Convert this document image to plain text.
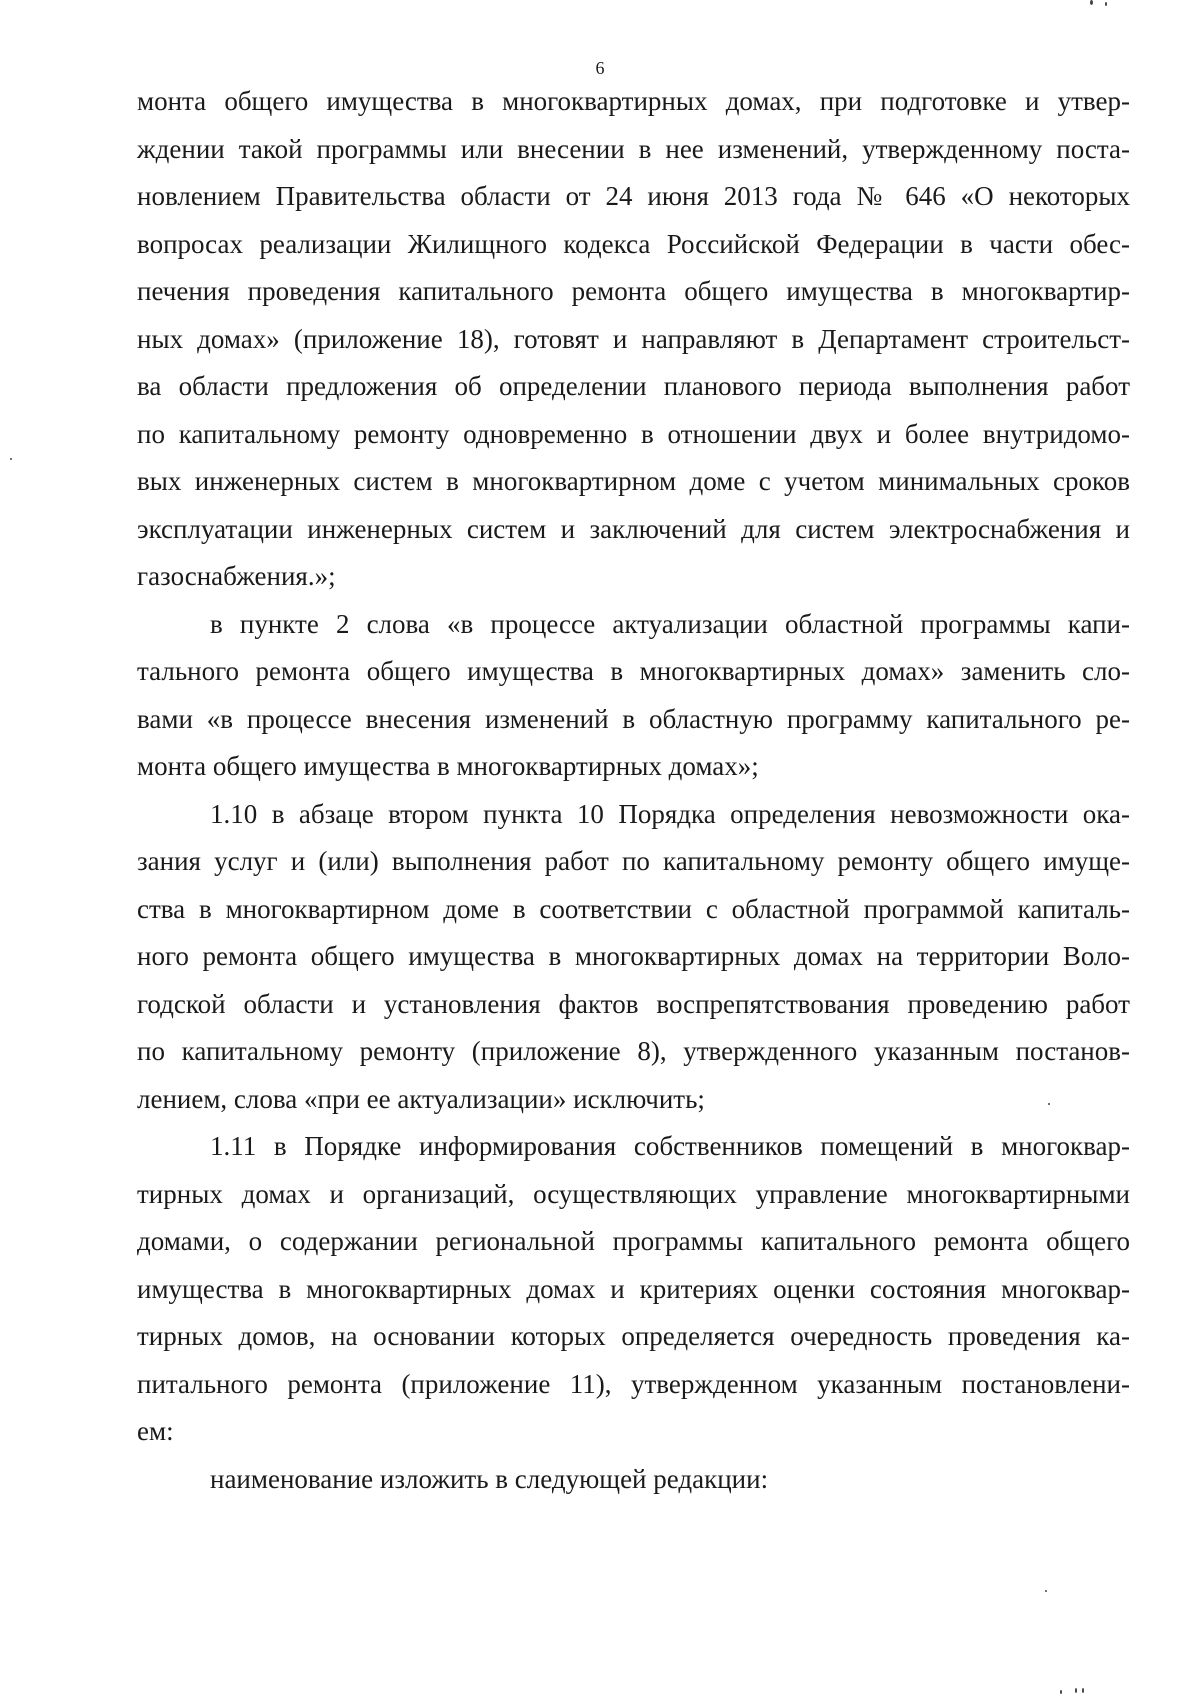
6
монта общего имущества в многоквартирных домах, при подготовке и утвер-
ждении такой программы или внесении в нее изменений, утвержденному поста-
новлением Правительства области от 24 июня 2013 года № 646 «О некоторых
вопросах реализации Жилищного кодекса Российской Федерации в части обес-
печения проведения капитального ремонта общего имущества в многоквартир-
ных домах» (приложение 18), готовят и направляют в Департамент строительст-
ва области предложения об определении планового периода выполнения работ
по капитальному ремонту одновременно в отношении двух и более внутридомо-
вых инженерных систем в многоквартирном доме с учетом минимальных сроков
эксплуатации инженерных систем и заключений для систем электроснабжения и
газоснабжения.»;
в пункте 2 слова «в процессе актуализации областной программы капи-
тального ремонта общего имущества в многоквартирных домах» заменить сло-
вами «в процессе внесения изменений в областную программу капитального ре-
монта общего имущества в многоквартирных домах»;
1.10 в абзаце втором пункта 10 Порядка определения невозможности ока-
зания услуг и (или) выполнения работ по капитальному ремонту общего имуще-
ства в многоквартирном доме в соответствии с областной программой капиталь-
ного ремонта общего имущества в многоквартирных домах на территории Воло-
годской области и установления фактов воспрепятствования проведению работ
по капитальному ремонту (приложение 8), утвержденного указанным постанов-
лением, слова «при ее актуализации» исключить;
1.11 в Порядке информирования собственников помещений в многоквар-
тирных домах и организаций, осуществляющих управление многоквартирными
домами, о содержании региональной программы капитального ремонта общего
имущества в многоквартирных домах и критериях оценки состояния многоквар-
тирных домов, на основании которых определяется очередность проведения ка-
питального ремонта (приложение 11), утвержденном указанным постановлени-
ем:
наименование изложить в следующей редакции:
